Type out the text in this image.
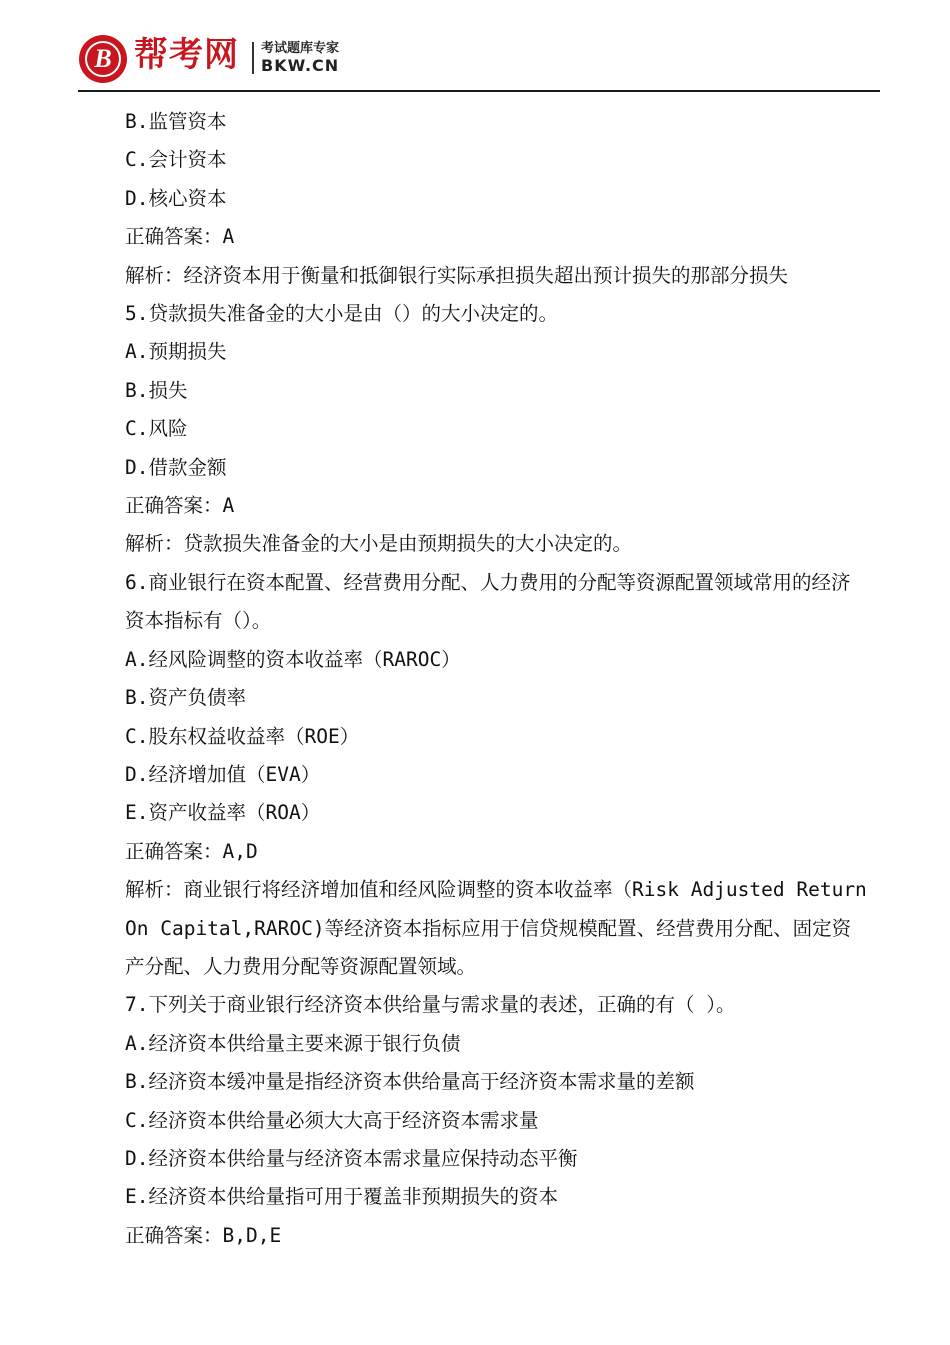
B 帮考网 考试题库专家
BKW.CN

B.监管资本

C.会计资本

D.核心资本

正确答案：A

解析：经济资本用于衡量和抵御银行实际承担损失超出预计损失的那部分损失

5.贷款损失准备金的大小是由（）的大小决定的。

A.预期损失

B.损失

C.风险

D.借款金额

正确答案：A

解析：贷款损失准备金的大小是由预期损失的大小决定的。

6.商业银行在资本配置、经营费用分配、人力费用的分配等资源配置领域常用的经济资本指标有（）。

A.经风险调整的资本收益率（RAROC）

B.资产负债率

C.股东权益收益率（ROE）

D.经济增加值（EVA）

E.资产收益率（ROA）

正确答案：A,D

解析：商业银行将经济增加值和经风险调整的资本收益率（Risk Adjusted Return On Capital,RAROC)等经济资本指标应用于信贷规模配置、经营费用分配、固定资产分配、人力费用分配等资源配置领域。

7.下列关于商业银行经济资本供给量与需求量的表述，正确的有（ ）。

A.经济资本供给量主要来源于银行负债

B.经济资本缓冲量是指经济资本供给量高于经济资本需求量的差额

C.经济资本供给量必须大大高于经济资本需求量

D.经济资本供给量与经济资本需求量应保持动态平衡

E.经济资本供给量指可用于覆盖非预期损失的资本

正确答案：B,D,E
